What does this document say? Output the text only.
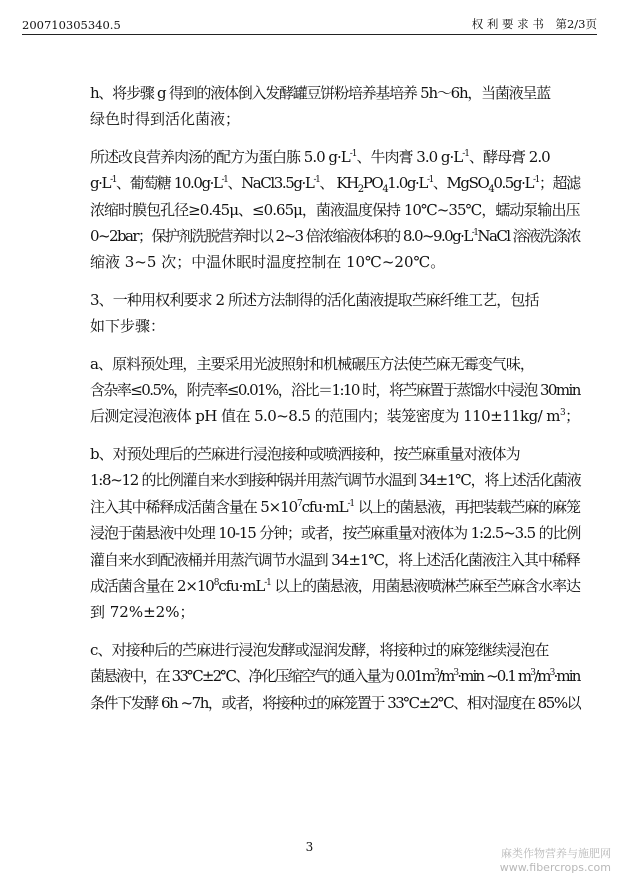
200710305340.5	权 利 要 求 书 第2/3页
h、将步骤 g 得到的液体倒入发酵罐豆饼粉培养基培养 5h～6h，当菌液呈蓝
绿色时得到活化菌液；
所述改良营养肉汤的配方为蛋白胨 5.0 $g\cdot L^{-1}$、牛肉膏 3.0 $g\cdot L^{-1}$、酵母膏 2.0
$g\cdot L^{-1}$、葡萄糖 $10.0g\cdot L^{-1}$、$NaCl3.5g\cdot L^{-1}$、 $KH_2PO_41.0g\cdot L^{-1}$、$MgSO_40.5g\cdot L^{-1}$；超滤
浓缩时膜包孔径≥0.45μ、≤0.65μ，菌液温度保持 10℃~35℃，蠕动泵输出压
0~2bar；保护剂洗脱营养时以 2~3 倍浓缩液体积的 $8.0\sim 9.0g\cdot L^{-1}NaCl$ 溶液洗涤浓
缩液 3~5 次；中温休眠时温度控制在 10℃~20℃。
3、一种用权利要求 2 所述方法制得的活化菌液提取苎麻纤维工艺，包括
如下步骤：
a、原料预处理，主要采用光波照射和机械碾压方法使苎麻无霉变气味，
含杂率≤0.5%，附壳率≤0.01%，浴比＝1:10 时，将苎麻置于蒸馏水中浸泡 30min
后测定浸泡液体 pH 值在 5.0~8.5 的范围内；装笼密度为 110±11kg/ $m^3$；
b、对预处理后的苎麻进行浸泡接种或喷洒接种，按苎麻重量对液体为
1:8~12 的比例灌自来水到接种锅并用蒸汽调节水温到 34±1℃，将上述活化菌液
注入其中稀释成活菌含量在 $5\times 10^7cfu\cdot mL^{-1}$ 以上的菌悬液，再把装载苎麻的麻笼
浸泡于菌悬液中处理 10-15 分钟；或者，按苎麻重量对液体为 1:2.5~3.5 的比例
灌自来水到配液桶并用蒸汽调节水温到 34±1℃，将上述活化菌液注入其中稀释
成活菌含量在 $2\times 10^8cfu\cdot mL^{-1}$ 以上的菌悬液，用菌悬液喷淋苎麻至苎麻含水率达
到 72%±2%；
c、对接种后的苎麻进行浸泡发酵或湿润发酵，将接种过的麻笼继续浸泡在
菌悬液中，在 33℃±2℃、净化压缩空气的通入量为 $0.01m^3/m^3\cdot\min$ ~0.1 $m^3/m^3\cdot\min$
条件下发酵 6h ~7h，或者，将接种过的麻笼置于 33℃±2℃、相对湿度在 85%以
3	麻类作物营养与施肥网
www.fibercrops.com
